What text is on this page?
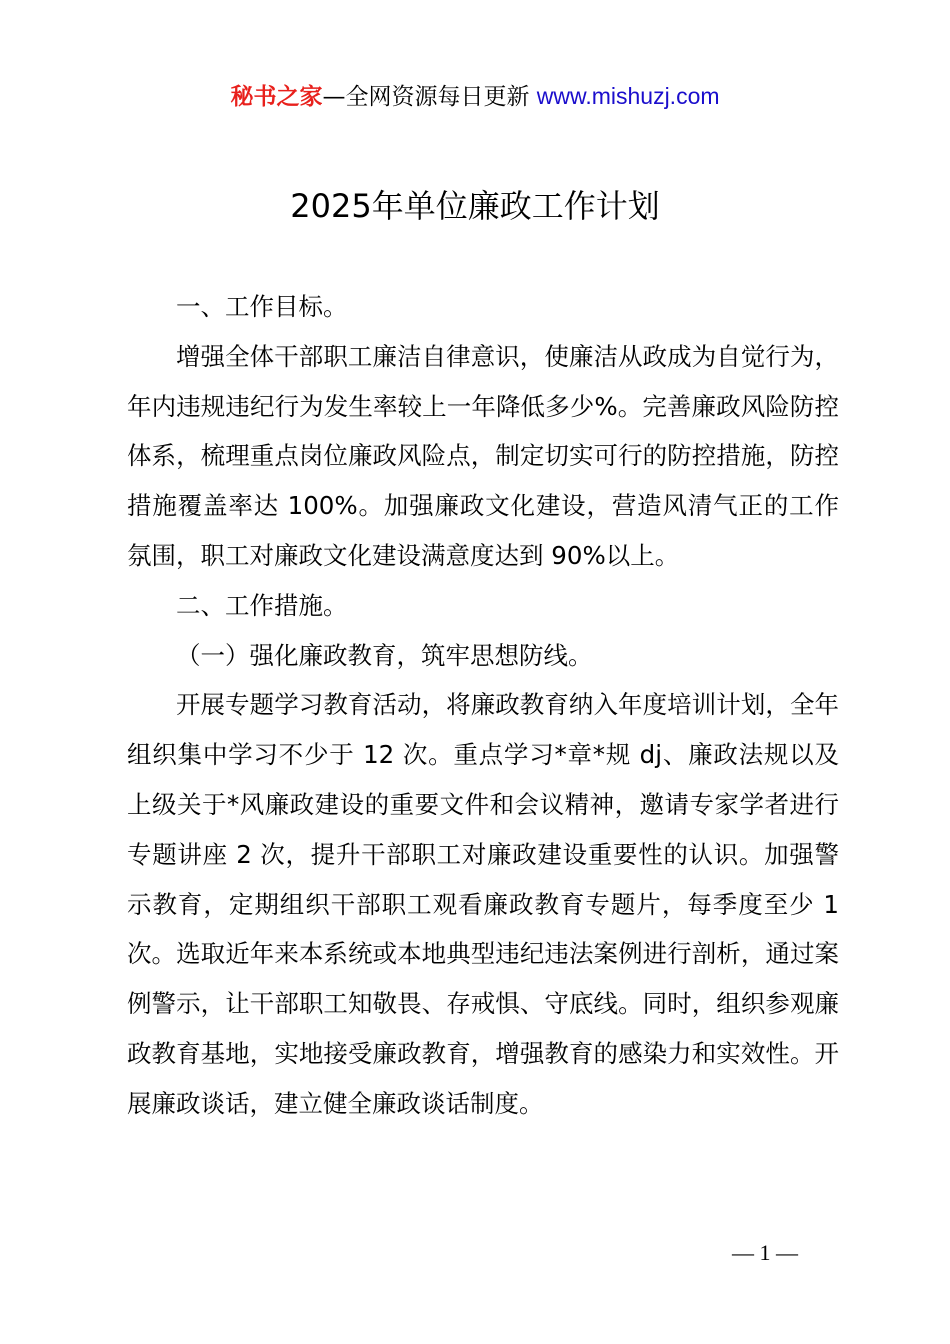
秘书之家—全网资源每日更新 www.mishuzj.com
2025年单位廉政工作计划

一、工作目标。

增强全体干部职工廉洁自律意识，使廉洁从政成为自觉行为，年内违规违纪行为发生率较上一年降低多少%。完善廉政风险防控体系，梳理重点岗位廉政风险点，制定切实可行的防控措施，防控措施覆盖率达 100%。加强廉政文化建设，营造风清气正的工作氛围，职工对廉政文化建设满意度达到 90%以上。

二、工作措施。

（一）强化廉政教育，筑牢思想防线。

开展专题学习教育活动，将廉政教育纳入年度培训计划，全年组织集中学习不少于 12 次。重点学习*章*规 dj、廉政法规以及上级关于*风廉政建设的重要文件和会议精神，邀请专家学者进行专题讲座 2 次，提升干部职工对廉政建设重要性的认识。加强警示教育，定期组织干部职工观看廉政教育专题片，每季度至少 1 次。选取近年来本系统或本地典型违纪违法案例进行剖析，通过案例警示，让干部职工知敬畏、存戒惧、守底线。同时，组织参观廉政教育基地，实地接受廉政教育，增强教育的感染力和实效性。开展廉政谈话，建立健全廉政谈话制度。

— 1 —
